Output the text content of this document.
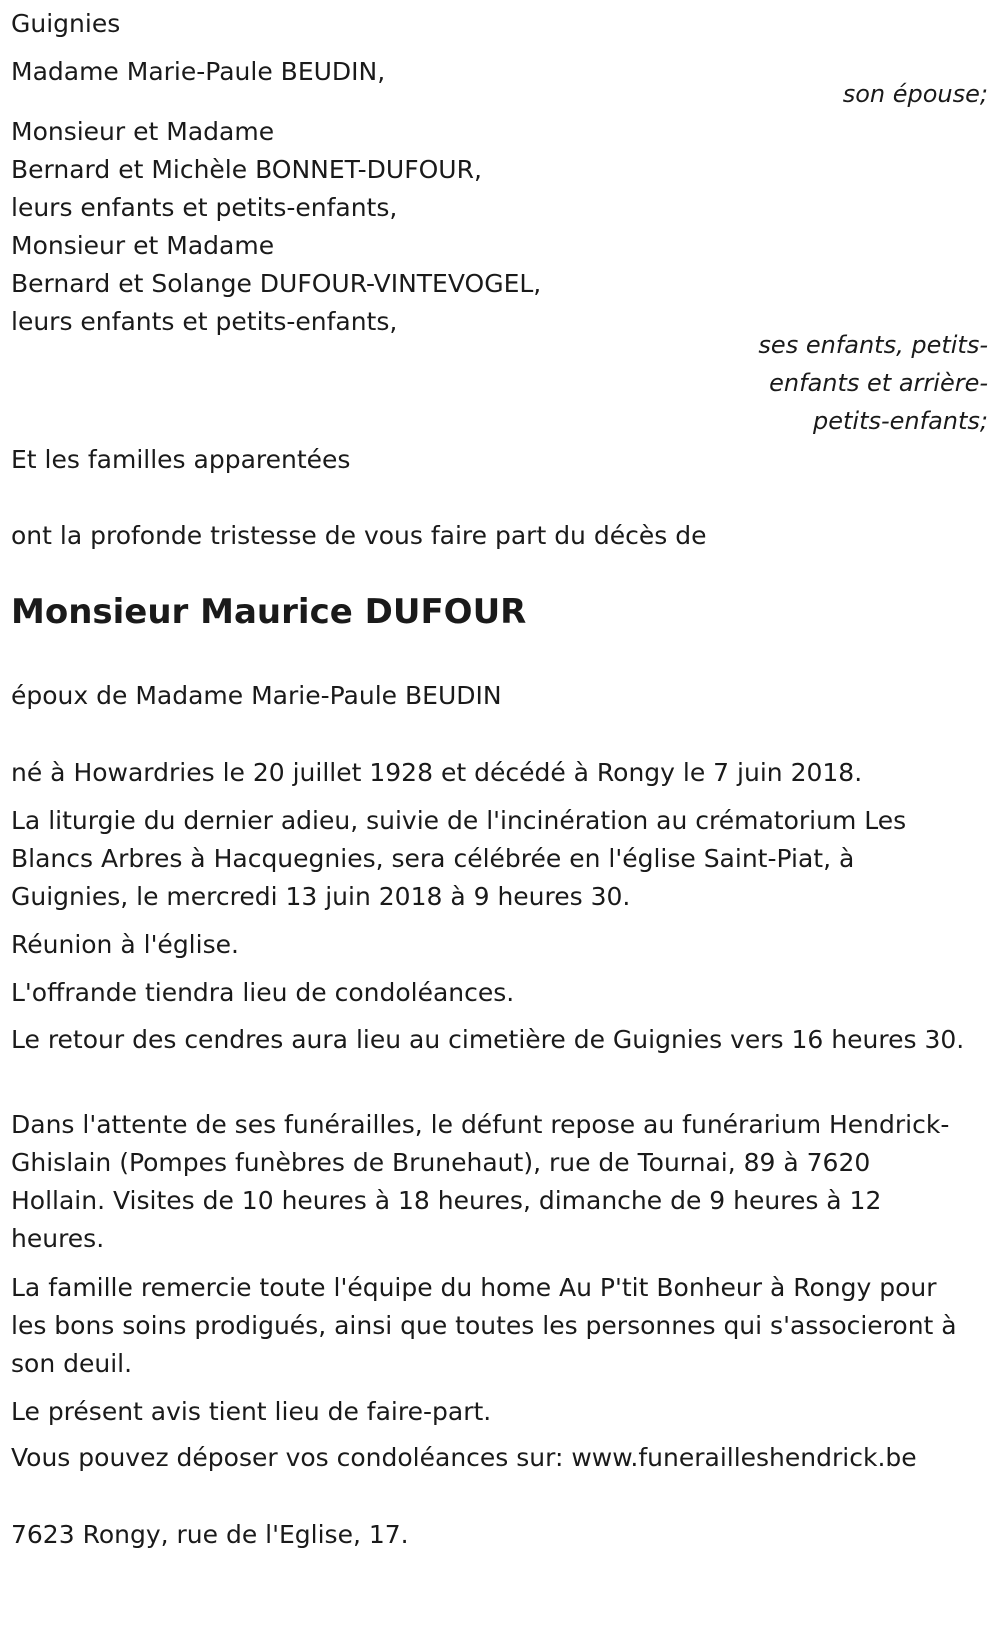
Guignies
Madame Marie-Paule BEUDIN,
son épouse;
Monsieur et Madame
Bernard et Michèle BONNET-DUFOUR,
leurs enfants et petits-enfants,
Monsieur et Madame
Bernard et Solange DUFOUR-VINTEVOGEL,
leurs enfants et petits-enfants,
ses enfants, petits-
enfants et arrière-
petits-enfants;
Et les familles apparentées
ont la profonde tristesse de vous faire part du décès de
Monsieur Maurice DUFOUR
époux de Madame Marie-Paule BEUDIN
né à Howardries le 20 juillet 1928 et décédé à Rongy le 7 juin 2018.

La liturgie du dernier adieu, suivie de l'incinération au crématorium Les Blancs Arbres à Hacquegnies, sera célébrée en l'église Saint-Piat, à Guignies, le mercredi 13 juin 2018 à 9 heures 30.

Réunion à l'église.

L'offrande tiendra lieu de condoléances.

Le retour des cendres aura lieu au cimetière de Guignies vers 16 heures 30.

Dans l'attente de ses funérailles, le défunt repose au funérarium Hendrick-Ghislain (Pompes funèbres de Brunehaut), rue de Tournai, 89 à 7620 Hollain. Visites de 10 heures à 18 heures, dimanche de 9 heures à 12 heures.

La famille remercie toute l'équipe du home Au P'tit Bonheur à Rongy pour les bons soins prodigués, ainsi que toutes les personnes qui s'associeront à son deuil.

Le présent avis tient lieu de faire-part.

Vous pouvez déposer vos condoléances sur: www.funerailleshendrick.be

7623 Rongy, rue de l'Eglise, 17.
